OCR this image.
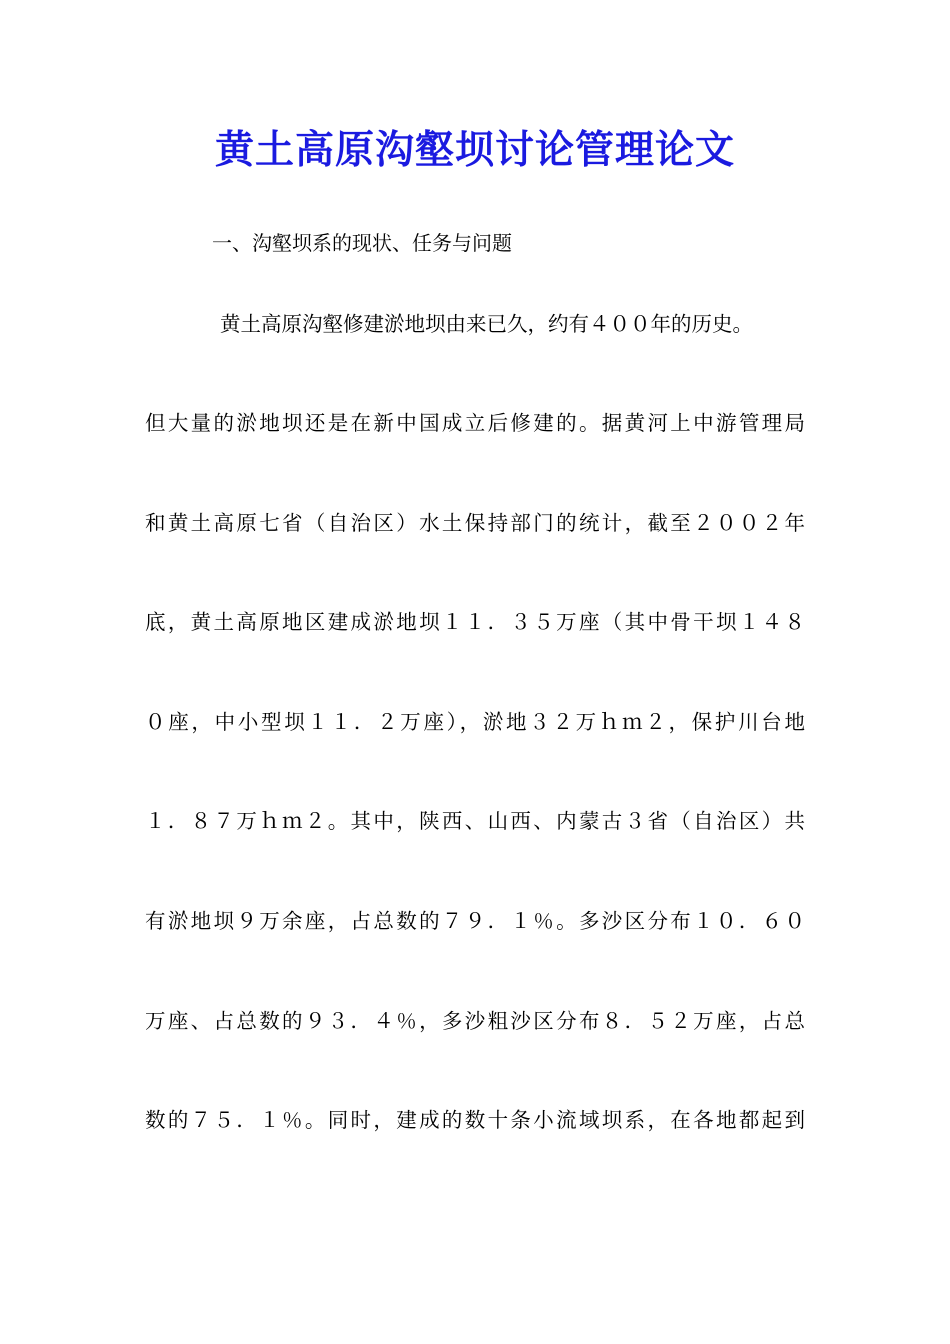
黄土高原沟壑坝讨论管理论文
一、沟壑坝系的现状、任务与问题
黄土高原沟壑修建淤地坝由来已久，约有４００年的历史。
但大量的淤地坝还是在新中国成立后修建的。据黄河上中游管理局
和黄土高原七省（自治区）水土保持部门的统计，截至２００２年
底，黄土高原地区建成淤地坝１１．３５万座（其中骨干坝１４８
０座，中小型坝１１．２万座），淤地３２万ｈｍ２，保护川台地
１．８７万ｈｍ２。其中，陕西、山西、内蒙古３省（自治区）共
有淤地坝９万余座，占总数的７９．１％。多沙区分布１０．６０
万座、占总数的９３．４％，多沙粗沙区分布８．５２万座，占总
数的７５．１％。同时，建成的数十条小流域坝系，在各地都起到
